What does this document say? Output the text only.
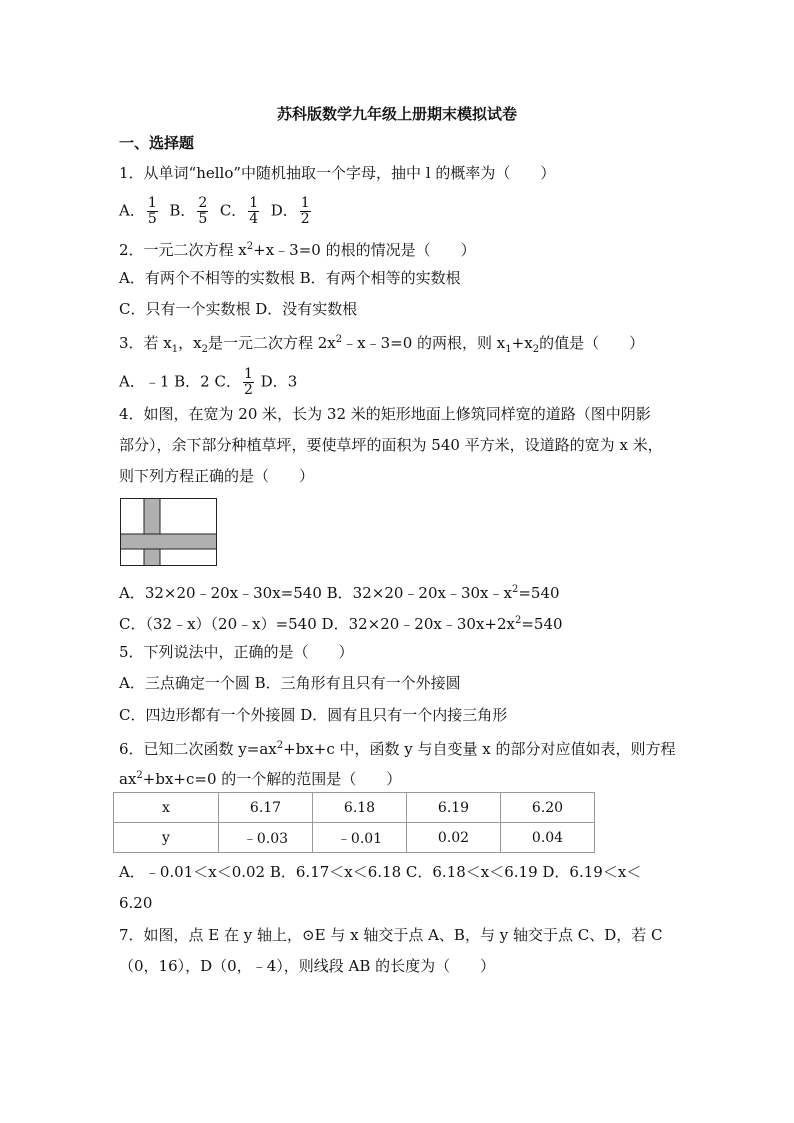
苏科版数学九年级上册期末模拟试卷
一、选择题
1．从单词“hello”中随机抽取一个字母，抽中 l 的概率为（　　）
A． $\frac{1}{5}$ B． $\frac{2}{5}$ C． $\frac{1}{4}$ D． $\frac{1}{2}$
2．一元二次方程 $x^2+x﹣3=0$ 的根的情况是（　　）
A．有两个不相等的实数根 B．有两个相等的实数根
C．只有一个实数根 D．没有实数根
3．若 $x_1$，$x_2$是一元二次方程 $2x^2﹣x﹣3=0$ 的两根，则 $x_1+x_2$的值是（　　）
A．﹣1 B．2 C． $\frac{1}{2}$ D．3
4．如图，在宽为 20 米，长为 32 米的矩形地面上修筑同样宽的道路（图中阴影
部分），余下部分种植草坪，要使草坪的面积为 540 平方米，设道路的宽为 x 米，
则下列方程正确的是（　　）
A．32×20﹣20x﹣30x=540 B．$32\times 20﹣20x﹣30x﹣x^2=540$
C．（32﹣x）（20﹣x）=540 D．$32\times 20﹣20x﹣30x+2x^2=540$
5．下列说法中，正确的是（　　）
A．三点确定一个圆 B．三角形有且只有一个外接圆
C．四边形都有一个外接圆 D．圆有且只有一个内接三角形
6．已知二次函数 $y=ax^2+bx+c$ 中，函数 y 与自变量 x 的部分对应值如表，则方程
$ax^2+bx+c=0$ 的一个解的范围是（　　）
x	6.17	6.18	6.19	6.20
y	﹣0.03	﹣0.01	0.02	0.04
A．﹣0.01＜x＜0.02 B．6.17＜x＜6.18 C．6.18＜x＜6.19 D．6.19＜x＜
6.20
7．如图，点 E 在 y 轴上，⊙E 与 x 轴交于点 A、B，与 y 轴交于点 C、D，若 C
（0，16），D（0，﹣4），则线段 AB 的长度为（　　）
